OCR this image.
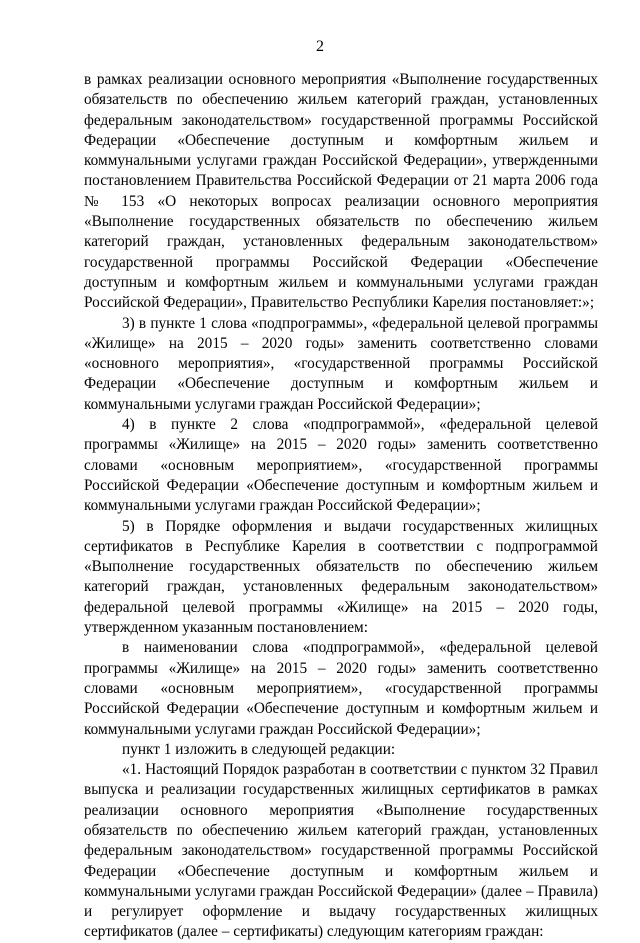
2

в рамках реализации основного мероприятия «Выполнение государственных обязательств по обеспечению жильем категорий граждан, установленных федеральным законодательством» государственной программы Российской Федерации «Обеспечение доступным и комфортным жильем и коммунальными услугами граждан Российской Федерации», утвержденными постановлением Правительства Российской Федерации от 21 марта 2006 года № 153 «О некоторых вопросах реализации основного мероприятия «Выполнение государственных обязательств по обеспечению жильем категорий граждан, установленных федеральным законодательством» государственной программы Российской Федерации «Обеспечение доступным и комфортным жильем и коммунальными услугами граждан Российской Федерации», Правительство Республики Карелия постановляет:»;

3) в пункте 1 слова «подпрограммы», «федеральной целевой программы «Жилище» на 2015 – 2020 годы» заменить соответственно словами «основного мероприятия», «государственной программы Российской Федерации «Обеспечение доступным и комфортным жильем и коммунальными услугами граждан Российской Федерации»;

4) в пункте 2 слова «подпрограммой», «федеральной целевой программы «Жилище» на 2015 – 2020 годы» заменить соответственно словами «основным мероприятием», «государственной программы Российской Федерации «Обеспечение доступным и комфортным жильем и коммунальными услугами граждан Российской Федерации»;

5) в Порядке оформления и выдачи государственных жилищных сертификатов в Республике Карелия в соответствии с подпрограммой «Выполнение государственных обязательств по обеспечению жильем категорий граждан, установленных федеральным законодательством» федеральной целевой программы «Жилище» на 2015 – 2020 годы, утвержденном указанным постановлением:

в наименовании слова «подпрограммой», «федеральной целевой программы «Жилище» на 2015 – 2020 годы» заменить соответственно словами «основным мероприятием», «государственной программы Российской Федерации «Обеспечение доступным и комфортным жильем и коммунальными услугами граждан Российской Федерации»;

пункт 1 изложить в следующей редакции:

«1. Настоящий Порядок разработан в соответствии с пунктом 32 Правил выпуска и реализации государственных жилищных сертификатов в рамках реализации основного мероприятия «Выполнение государственных обязательств по обеспечению жильем категорий граждан, установленных федеральным законодательством» государственной программы Российской Федерации «Обеспечение доступным и комфортным жильем и коммунальными услугами граждан Российской Федерации» (далее – Правила) и регулирует оформление и выдачу государственных жилищных сертификатов (далее – сертификаты) следующим категориям граждан:
